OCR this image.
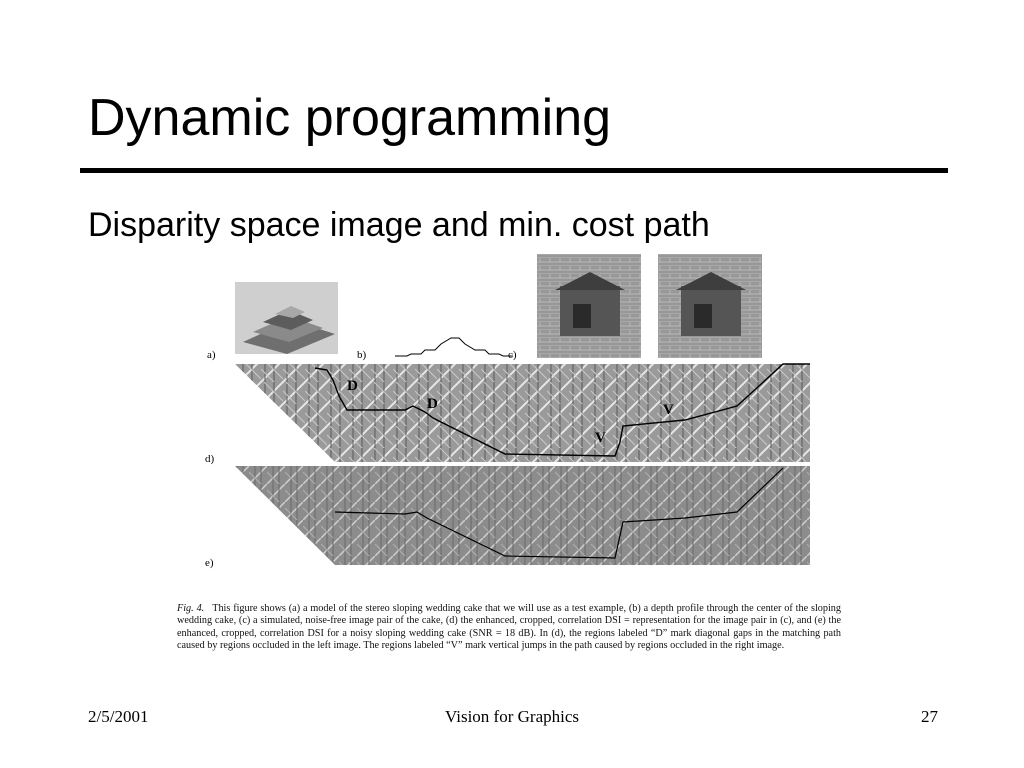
Dynamic programming
Disparity space image and min. cost path
a)	b)	c)
d)
D
D
V
V
e)
Fig. 4. This figure shows (a) a model of the stereo sloping wedding cake that we will use as a test example, (b) a depth profile through the center of the sloping wedding cake, (c) a simulated, noise-free image pair of the cake, (d) the enhanced, cropped, correlation DSI = representation for the image pair in (c), and (e) the enhanced, cropped, correlation DSI for a noisy sloping wedding cake (SNR = 18 dB). In (d), the regions labeled “D” mark diagonal gaps in the matching path caused by regions occluded in the left image. The regions labeled “V” mark vertical jumps in the path caused by regions occluded in the right image.
2/5/2001	Vision for Graphics	27
